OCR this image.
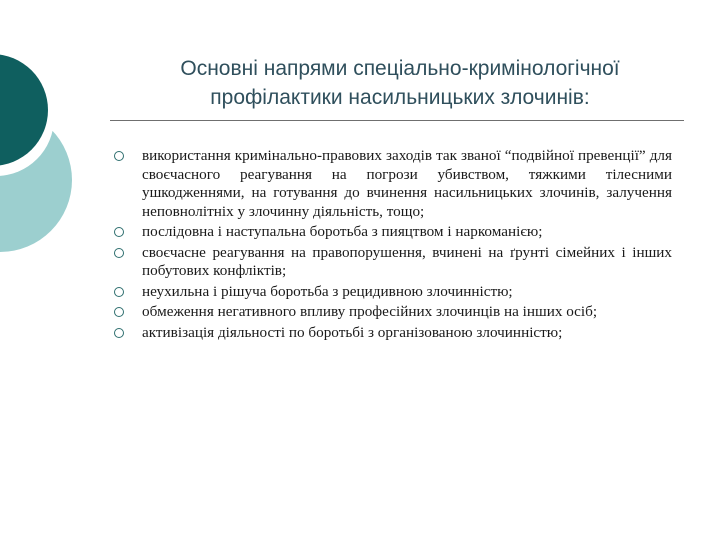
Основні напрями спеціально-кримінологічної
профілактики насильницьких злочинів:
використання кримінально-правових заходів так званої “подвійної превенції” для своєчасного реагування на погрози убивством, тяжкими тілесними ушкодженнями, на готування до вчинення насильницьких злочинів, залучення неповнолітніх у злочинну діяльність, тощо;
послідовна і наступальна боротьба з пияцтвом і наркоманією;
своєчасне реагування на правопорушення, вчинені на ґрунті сімейних і інших побутових конфліктів;
неухильна і рішуча боротьба з рецидивною злочинністю;
обмеження негативного впливу професійних злочинців на інших осіб;
активізація діяльності по боротьбі з організованою злочинністю;
